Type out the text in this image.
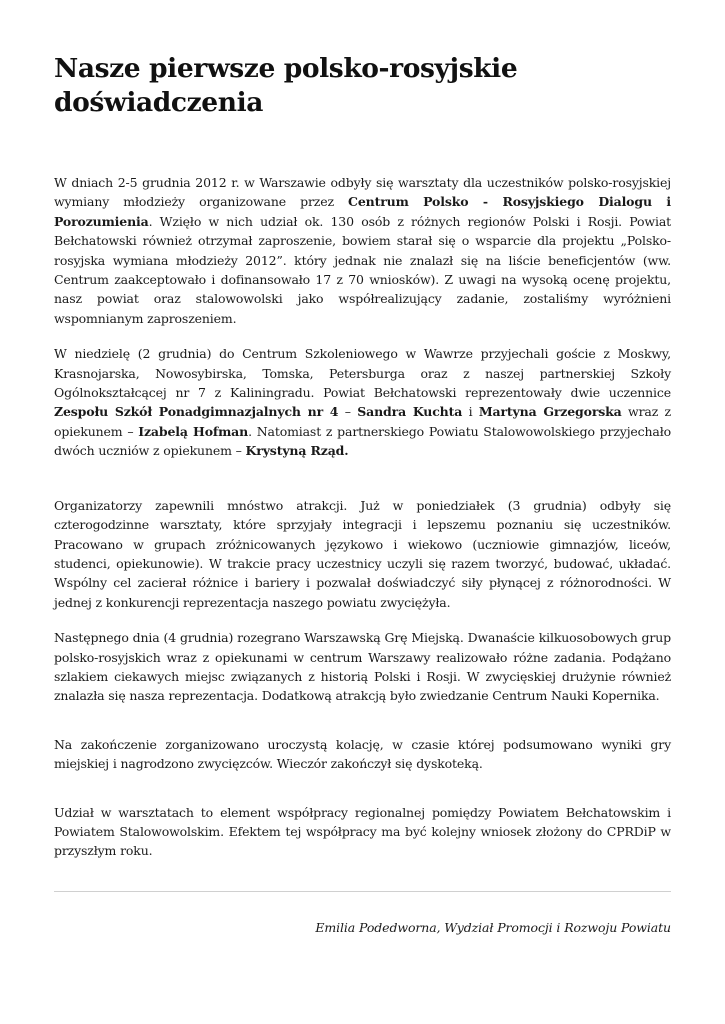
Nasze pierwsze polsko-rosyjskie doświadczenia

W dniach 2-5 grudnia 2012 r. w Warszawie odbyły się warsztaty dla uczestników polsko-rosyjskiej wymiany młodzieży organizowane przez Centrum Polsko - Rosyjskiego Dialogu i Porozumienia. Wzięło w nich udział ok. 130 osób z różnych regionów Polski i Rosji. Powiat Bełchatowski również otrzymał zaproszenie, bowiem starał się o wsparcie dla projektu „Polsko-rosyjska wymiana młodzieży 2012”. który jednak nie znalazł się na liście beneficjentów (ww. Centrum zaakceptowało i dofinansowało 17 z 70 wniosków). Z uwagi na wysoką ocenę projektu, nasz powiat oraz stalowowolski jako współrealizujący zadanie, zostaliśmy wyróżnieni wspomnianym zaproszeniem.

W niedzielę (2 grudnia) do Centrum Szkoleniowego w Wawrze przyjechali goście z Moskwy, Krasnojarska, Nowosybirska, Tomska, Petersburga oraz z naszej partnerskiej Szkoły Ogólnokształcącej nr 7 z Kaliningradu. Powiat Bełchatowski reprezentowały dwie uczennice Zespołu Szkół Ponadgimnazjalnych nr 4 – Sandra Kuchta i Martyna Grzegorska wraz z opiekunem – Izabelą Hofman. Natomiast z partnerskiego Powiatu Stalowowolskiego przyjechało dwóch uczniów z opiekunem – Krystyną Rząd.

Organizatorzy zapewnili mnóstwo atrakcji. Już w poniedziałek (3 grudnia) odbyły się czterogodzinne warsztaty, które sprzyjały integracji i lepszemu poznaniu się uczestników. Pracowano w grupach zróżnicowanych językowo i wiekowo (uczniowie gimnazjów, liceów, studenci, opiekunowie). W trakcie pracy uczestnicy uczyli się razem tworzyć, budować, układać. Wspólny cel zacierał różnice i bariery i pozwalał doświadczyć siły płynącej z różnorodności. W jednej z konkurencji reprezentacja naszego powiatu zwyciężyła.

Następnego dnia (4 grudnia) rozegrano Warszawską Grę Miejską. Dwanaście kilkuosobowych grup polsko-rosyjskich wraz z opiekunami w centrum Warszawy realizowało różne zadania. Podążano szlakiem ciekawych miejsc związanych z historią Polski i Rosji. W zwycięskiej drużynie również znalazła się nasza reprezentacja. Dodatkową atrakcją było zwiedzanie Centrum Nauki Kopernika.

Na zakończenie zorganizowano uroczystą kolację, w czasie której podsumowano wyniki gry miejskiej i nagrodzono zwycięzców. Wieczór zakończył się dyskoteką.

Udział w warsztatach to element współpracy regionalnej pomiędzy Powiatem Bełchatowskim i Powiatem Stalowowolskim. Efektem tej współpracy ma być kolejny wniosek złożony do CPRDiP w przyszłym roku.

Emilia Podedworna, Wydział Promocji i Rozwoju Powiatu
